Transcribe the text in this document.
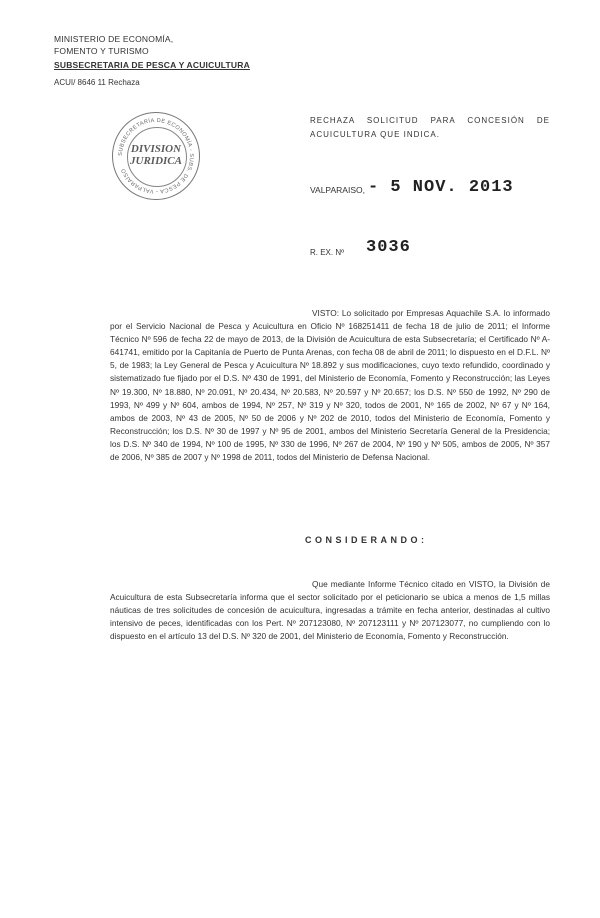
MINISTERIO DE ECONOMÍA,
FOMENTO Y TURISMO
SUBSECRETARIA DE PESCA Y ACUICULTURA
ACUI/ 8646 11 Rechaza
SUBSECRETARÍA DE ECONOMÍA - SUBS. DE PESCA - VALPARAÍSO
DIVISION
JURIDICA
RECHAZA SOLICITUD PARA CONCESIÓN DE ACUICULTURA QUE INDICA.
VALPARAISO, - 5 NOV. 2013
R. EX. Nº 3036
VISTO: Lo solicitado por Empresas Aquachile S.A. lo informado por el Servicio Nacional de Pesca y Acuicultura en Oficio Nº 168251411 de fecha 18 de julio de 2011; el Informe Técnico Nº 596 de fecha 22 de mayo de 2013, de la División de Acuicultura de esta Subsecretaría; el Certificado Nº A-641741, emitido por la Capitanía de Puerto de Punta Arenas, con fecha 08 de abril de 2011; lo dispuesto en el D.F.L. Nº 5, de 1983; la Ley General de Pesca y Acuicultura Nº 18.892 y sus modificaciones, cuyo texto refundido, coordinado y sistematizado fue fijado por el D.S. Nº 430 de 1991, del Ministerio de Economía, Fomento y Reconstrucción; las Leyes Nº 19.300, Nº 18.880, Nº 20.091, Nº 20.434, Nº 20.583, Nº 20.597 y Nº 20.657; los D.S. Nº 550 de 1992, Nº 290 de 1993, Nº 499 y Nº 604, ambos de 1994, Nº 257, Nº 319 y Nº 320, todos de 2001, Nº 165 de 2002, Nº 67 y Nº 164, ambos de 2003, Nº 43 de 2005, Nº 50 de 2006 y Nº 202 de 2010, todos del Ministerio de Economía, Fomento y Reconstrucción; los D.S. Nº 30 de 1997 y Nº 95 de 2001, ambos del Ministerio Secretaría General de la Presidencia; los D.S. Nº 340 de 1994, Nº 100 de 1995, Nº 330 de 1996, Nº 267 de 2004, Nº 190 y Nº 505, ambos de 2005, Nº 357 de 2006, Nº 385 de 2007 y Nº 1998 de 2011, todos del Ministerio de Defensa Nacional.
CONSIDERANDO:
Que mediante Informe Técnico citado en VISTO, la División de Acuicultura de esta Subsecretaría informa que el sector solicitado por el peticionario se ubica a menos de 1,5 millas náuticas de tres solicitudes de concesión de acuicultura, ingresadas a trámite en fecha anterior, destinadas al cultivo intensivo de peces, identificadas con los Pert. Nº 207123080, Nº 207123111 y Nº 207123077, no cumpliendo con lo dispuesto en el artículo 13 del D.S. Nº 320 de 2001, del Ministerio de Economía, Fomento y Reconstrucción.
